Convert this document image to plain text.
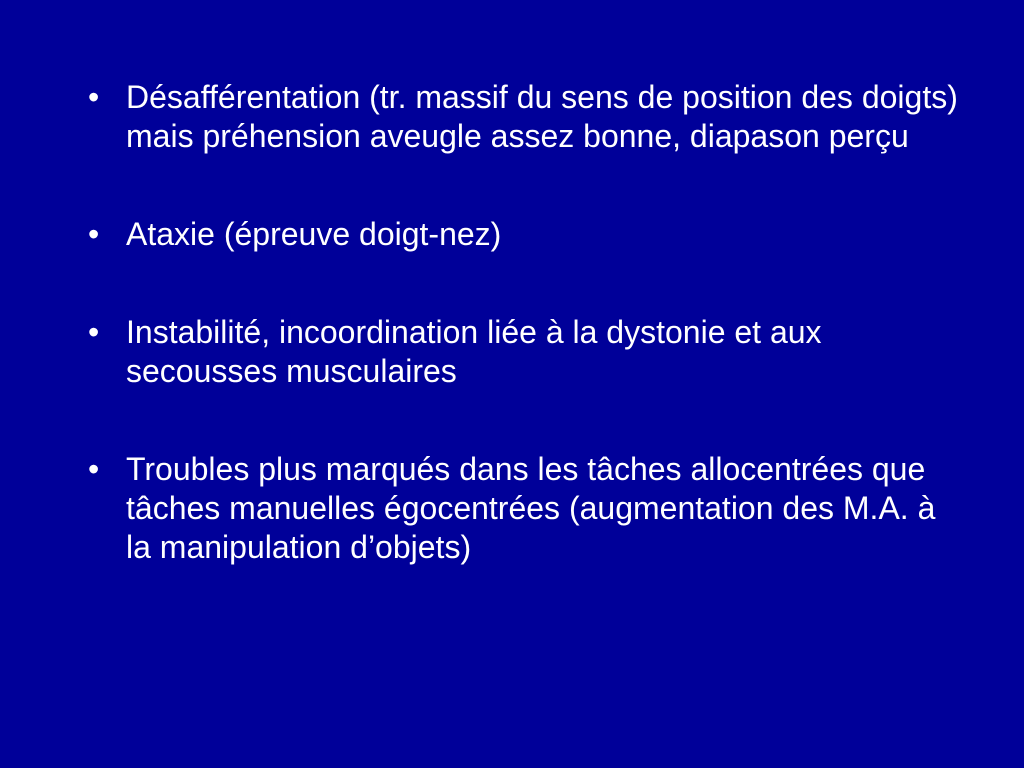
• Désafférentation (tr. massif du sens de position des doigts) mais préhension aveugle assez bonne, diapason perçu
• Ataxie (épreuve doigt-nez)
• Instabilité, incoordination liée à la dystonie et aux secousses musculaires
• Troubles plus marqués dans les tâches allocentrées que tâches manuelles égocentrées (augmentation des M.A. à la manipulation d’objets)
